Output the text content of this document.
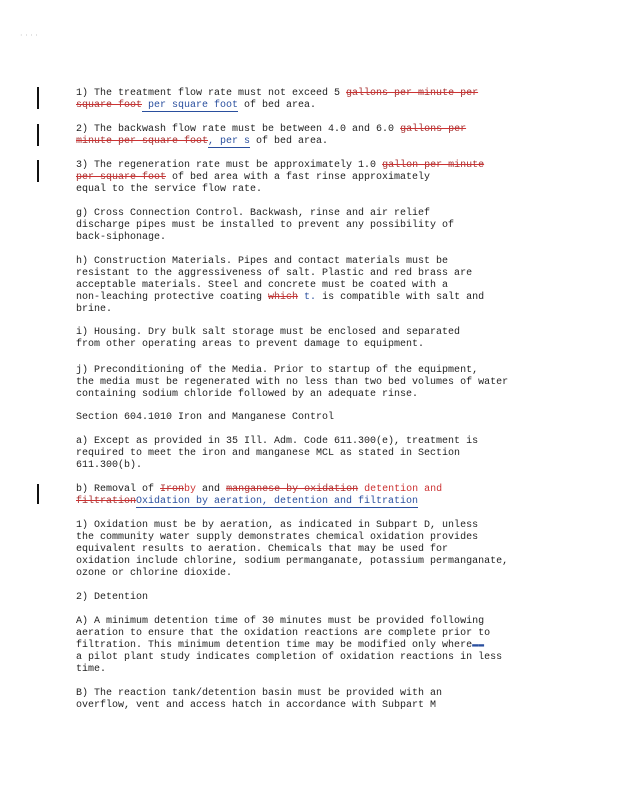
· · · ·
1) The treatment flow rate must not exceed 5 gallons per minute per
square foot per square foot of bed area.
2) The backwash flow rate must be between 4.0 and 6.0 gallons per
minute per square foot, per s of bed area.
3) The regeneration rate must be approximately 1.0 gallon per minute
per square foot of bed area with a fast rinse approximately
equal to the service flow rate.
g) Cross Connection Control. Backwash, rinse and air relief
discharge pipes must be installed to prevent any possibility of
back-siphonage.
h) Construction Materials. Pipes and contact materials must be
resistant to the aggressiveness of salt. Plastic and red brass are
acceptable materials. Steel and concrete must be coated with a
non-leaching protective coating which t. is compatible with salt and
brine.
i) Housing. Dry bulk salt storage must be enclosed and separated
from other operating areas to prevent damage to equipment.
j) Preconditioning of the Media. Prior to startup of the equipment,
the media must be regenerated with no less than two bed volumes of water
containing sodium chloride followed by an adequate rinse.
Section 604.1010 Iron and Manganese Control
a) Except as provided in 35 Ill. Adm. Code 611.300(e), treatment is
required to meet the iron and manganese MCL as stated in Section
611.300(b).
b) Removal of Ironby and manganese by oxidation detention and
filtrationOxidation by aeration, detention and filtration
1) Oxidation must be by aeration, as indicated in Subpart D, unless
the community water supply demonstrates chemical oxidation provides
equivalent results to aeration. Chemicals that may be used for
oxidation include chlorine, sodium permanganate, potassium permanganate,
ozone or chlorine dioxide.
2) Detention
A) A minimum detention time of 30 minutes must be provided following
aeration to ensure that the oxidation reactions are complete prior to
filtration. This minimum detention time may be modified only where▬▬
a pilot plant study indicates completion of oxidation reactions in less
time.
B) The reaction tank/detention basin must be provided with an
overflow, vent and access hatch in accordance with Subpart M
